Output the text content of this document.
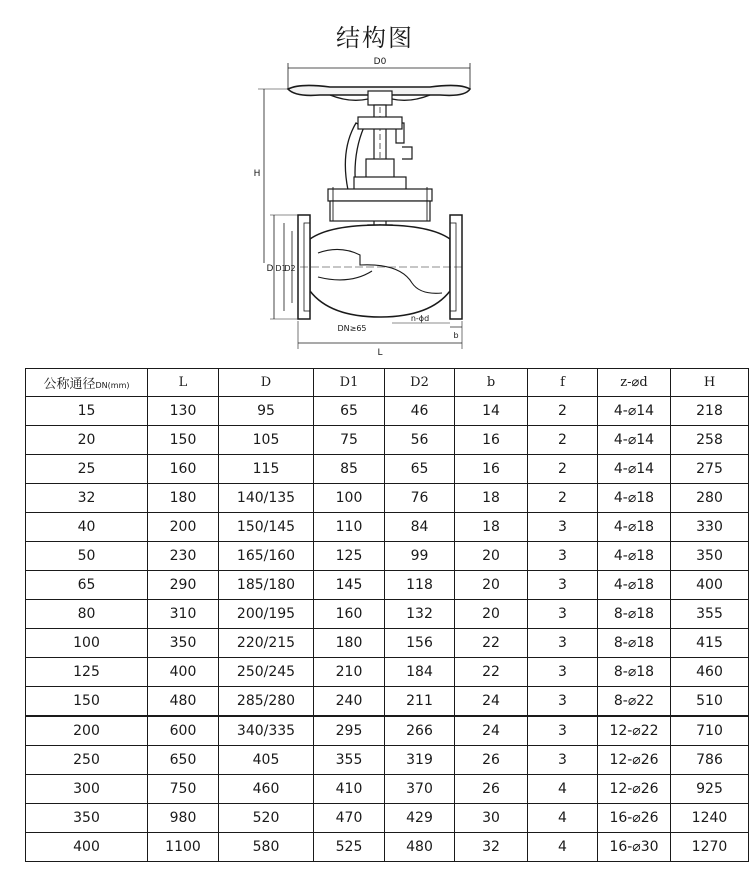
结构图
D0
H
D D1
D2
L
b
n-ϕd
DN≥65
公称通径DN(mm)	L	D	D1	D2	b	f	z-⌀d	H
15	130	95	65	46	14	2	4-⌀14	218
20	150	105	75	56	16	2	4-⌀14	258
25	160	115	85	65	16	2	4-⌀14	275
32	180	140/135	100	76	18	2	4-⌀18	280
40	200	150/145	110	84	18	3	4-⌀18	330
50	230	165/160	125	99	20	3	4-⌀18	350
65	290	185/180	145	118	20	3	4-⌀18	400
80	310	200/195	160	132	20	3	8-⌀18	355
100	350	220/215	180	156	22	3	8-⌀18	415
125	400	250/245	210	184	22	3	8-⌀18	460
150	480	285/280	240	211	24	3	8-⌀22	510
200	600	340/335	295	266	24	3	12-⌀22	710
250	650	405	355	319	26	3	12-⌀26	786
300	750	460	410	370	26	4	12-⌀26	925
350	980	520	470	429	30	4	16-⌀26	1240
400	1100	580	525	480	32	4	16-⌀30	1270
